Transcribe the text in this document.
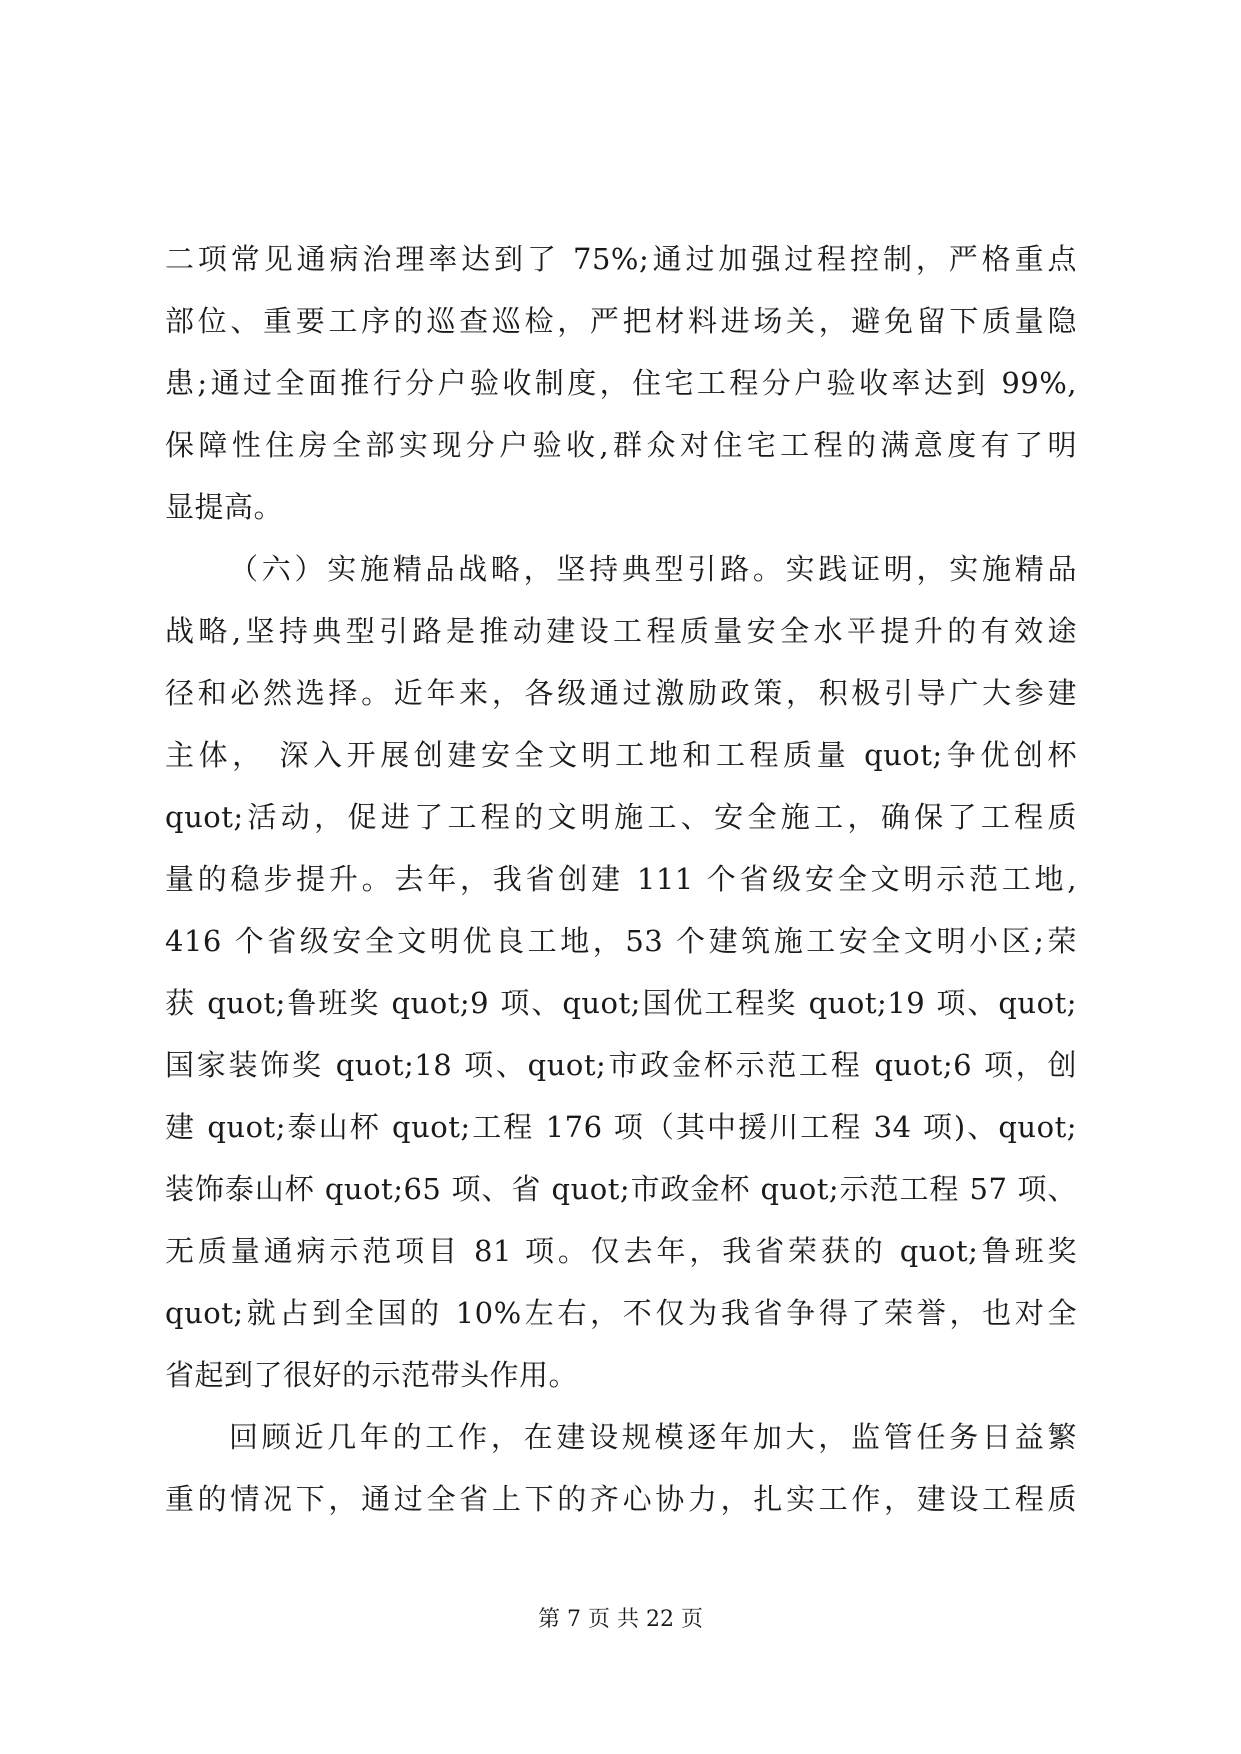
二项常见通病治理率达到了 75%;通过加强过程控制，严格重点
部位、重要工序的巡查巡检，严把材料进场关，避免留下质量隐
患;通过全面推行分户验收制度，住宅工程分户验收率达到 99%,
保障性住房全部实现分户验收,群众对住宅工程的满意度有了明
显提高。
（六）实施精品战略，坚持典型引路。实践证明，实施精品
战略,坚持典型引路是推动建设工程质量安全水平提升的有效途
径和必然选择。近年来，各级通过激励政策，积极引导广大参建
主体， 深入开展创建安全文明工地和工程质量 quot;争优创杯
quot;活动，促进了工程的文明施工、安全施工，确保了工程质
量的稳步提升。去年，我省创建 111 个省级安全文明示范工地,
416 个省级安全文明优良工地，53 个建筑施工安全文明小区;荣
获 quot;鲁班奖 quot;9 项、quot;国优工程奖 quot;19 项、quot;
国家装饰奖 quot;18 项、quot;市政金杯示范工程 quot;6 项，创
建 quot;泰山杯 quot;工程 176 项（其中援川工程 34 项)、quot;
装饰泰山杯 quot;65 项、省 quot;市政金杯 quot;示范工程 57 项、
无质量通病示范项目 81 项。仅去年，我省荣获的 quot;鲁班奖
quot;就占到全国的 10%左右，不仅为我省争得了荣誉，也对全
省起到了很好的示范带头作用。
回顾近几年的工作，在建设规模逐年加大，监管任务日益繁
重的情况下，通过全省上下的齐心协力，扎实工作，建设工程质
第 7 页 共 22 页
